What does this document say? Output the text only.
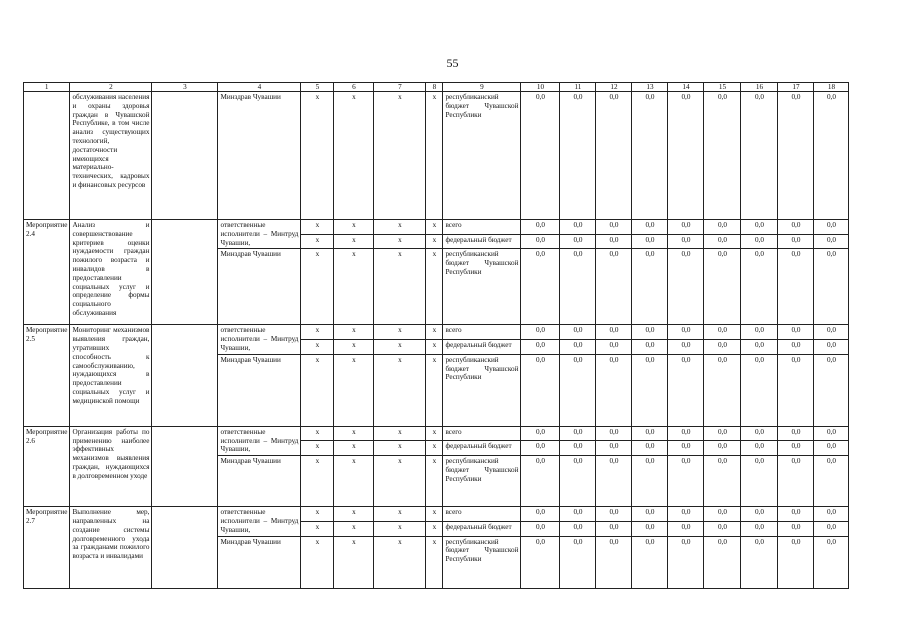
55
1	2	3	4	5	6	7	8	9	10	11	12	13	14	15	16	17	18
	обслуживания населения и охраны здоровья граждан в Чувашской Республике, в том числе анализ существующих технологий, достаточности имеющихся материально-технических, кадровых и финансовых ресурсов		Минздрав Чувашии	x	x	x	x	республиканский бюджет Чувашской Республики	0,0	0,0	0,0	0,0	0,0	0,0	0,0	0,0	0,0
Мероприятие 2.4	Анализ и совершенствование критериев оценки нуждаемости граждан пожилого возраста и инвалидов в предоставлении социальных услуг и определение формы социального обслуживания		ответственные исполнители – Минтруд Чувашии,	x	x	x	x	всего	0,0	0,0	0,0	0,0	0,0	0,0	0,0	0,0	0,0
				x	x	x	x	федеральный бюджет	0,0	0,0	0,0	0,0	0,0	0,0	0,0	0,0	0,0
			Минздрав Чувашии	x	x	x	x	республиканский бюджет Чувашской Республики	0,0	0,0	0,0	0,0	0,0	0,0	0,0	0,0	0,0
Мероприятие 2.5	Мониторинг механизмов выявления граждан, утративших способность к самообслуживанию, нуждающихся в предоставлении социальных услуг и медицинской помощи		ответственные исполнители – Минтруд Чувашии,	x	x	x	x	всего	0,0	0,0	0,0	0,0	0,0	0,0	0,0	0,0	0,0
				x	x	x	x	федеральный бюджет	0,0	0,0	0,0	0,0	0,0	0,0	0,0	0,0	0,0
			Минздрав Чувашии	x	x	x	x	республиканский бюджет Чувашской Республики	0,0	0,0	0,0	0,0	0,0	0,0	0,0	0,0	0,0
Мероприятие 2.6	Организация работы по применению наиболее эффективных механизмов выявления граждан, нуждающихся в долговременном уходе		ответственные исполнители – Минтруд Чувашии,	x	x	x	x	всего	0,0	0,0	0,0	0,0	0,0	0,0	0,0	0,0	0,0
				x	x	x	x	федеральный бюджет	0,0	0,0	0,0	0,0	0,0	0,0	0,0	0,0	0,0
			Минздрав Чувашии	x	x	x	x	республиканский бюджет Чувашской Республики	0,0	0,0	0,0	0,0	0,0	0,0	0,0	0,0	0,0
Мероприятие 2.7	Выполнение мер, направленных на создание системы долговременного ухода за гражданами пожилого возраста и инвалидами		ответственные исполнители – Минтруд Чувашии,	x	x	x	x	всего	0,0	0,0	0,0	0,0	0,0	0,0	0,0	0,0	0,0
				x	x	x	x	федеральный бюджет	0,0	0,0	0,0	0,0	0,0	0,0	0,0	0,0	0,0
			Минздрав Чувашии	x	x	x	x	республиканский бюджет Чувашской Республики	0,0	0,0	0,0	0,0	0,0	0,0	0,0	0,0	0,0
